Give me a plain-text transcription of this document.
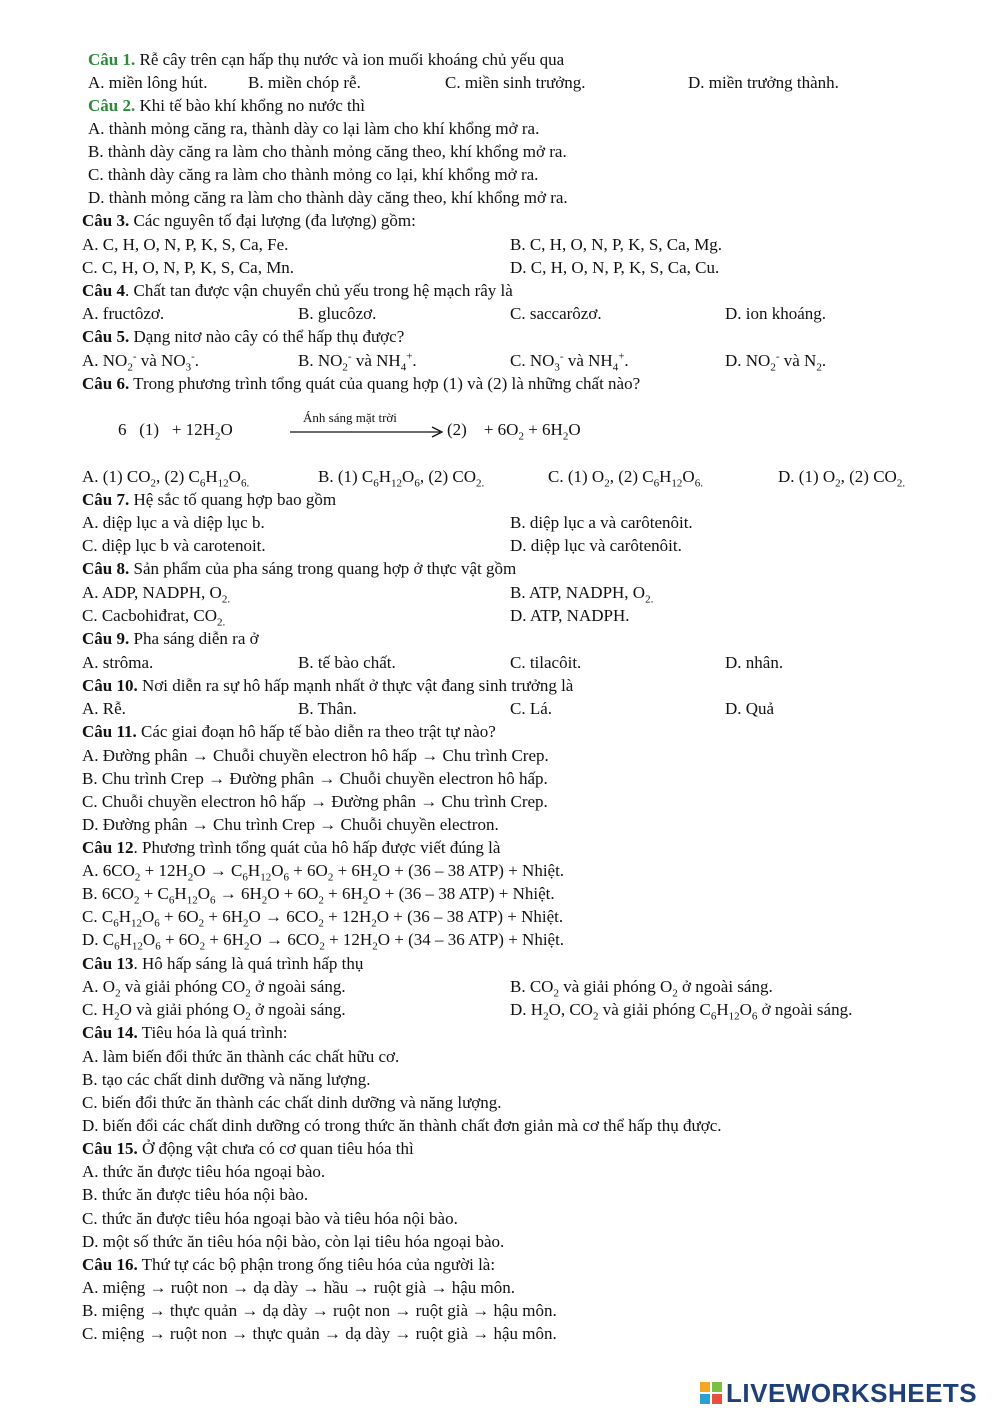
Câu 1. Rễ cây trên cạn hấp thụ nước và ion muối khoáng chủ yếu qua
A. miền lông hút. B. miền chóp rễ.	C. miền sinh trưởng.	D. miền trưởng thành.
Câu 2. Khi tế bào khí khổng no nước thì
A. thành mỏng căng ra, thành dày co lại làm cho khí khổng mở ra.
B. thành dày căng ra làm cho thành mỏng căng theo, khí khổng mở ra.
C. thành dày căng ra làm cho thành mỏng co lại, khí khổng mở ra.
D. thành mỏng căng ra làm cho thành dày căng theo, khí khổng mở ra.
Câu 3. Các nguyên tố đại lượng (đa lượng) gồm:
A. C, H, O, N, P, K, S, Ca, Fe.	B. C, H, O, N, P, K, S, Ca, Mg.
C. C, H, O, N, P, K, S, Ca, Mn.	D. C, H, O, N, P, K, S, Ca, Cu.
Câu 4. Chất tan được vận chuyển chủ yếu trong hệ mạch rây là
A. fructôzơ.	B. glucôzơ.	C. saccarôzơ.	D. ion khoáng.
Câu 5. Dạng nitơ nào cây có thể hấp thụ được?
A. $NO_2^-$ và $NO_3^-$.	B. $NO_2^-$ và $NH_4^+$.	C. $NO_3^-$ và $NH_4^+$.	D. $NO_2^-$ và $N_2$.
Câu 6. Trong phương trình tổng quát của quang hợp (1) và (2) là những chất nào?
6   $(1) + 12H_2O$
Ánh sáng mặt trời
(2)    + $6O_2 + 6H_2O$
A. (1) $CO_2$, (2) $C_6H_{12}O_{6.}$	B. (1) $C_6H_{12}O_6$, (2) $CO_{2.}$	C. (1) $O_2$, (2) $C_6H_{12}O_{6.}$	D. (1) $O_2$, (2) $CO_{2.}$
Câu 7. Hệ sắc tố quang hợp bao gồm
A. diệp lục a và diệp lục b.	B. diệp lục a và carôtenôit.
C. diệp lục b và carotenoit.	D. diệp lục và carôtenôit.
Câu 8. Sản phẩm của pha sáng trong quang hợp ở thực vật gồm
A. ADP, NADPH, $O_{2.}$	B. ATP, NADPH, $O_{2.}$
C. Cacbohiđrat, $CO_{2.}$	D. ATP, NADPH.
Câu 9. Pha sáng diễn ra ở
A. strôma.	B. tế bào chất.	C. tilacôit.	D. nhân.
Câu 10. Nơi diễn ra sự hô hấp mạnh nhất ở thực vật đang sinh trưởng là
A. Rễ.	B. Thân.	C. Lá.	D. Quả
Câu 11. Các giai đoạn hô hấp tế bào diễn ra theo trật tự nào?
A. Đường phân → Chuỗi chuyền electron hô hấp → Chu trình Crep.
B. Chu trình Crep → Đường phân → Chuỗi chuyền electron hô hấp.
C. Chuỗi chuyền electron hô hấp → Đường phân → Chu trình Crep.
D. Đường phân → Chu trình Crep → Chuỗi chuyền electron.
Câu 12. Phương trình tổng quát của hô hấp được viết đúng là
A. $6CO_2 + 12H_2O \to C_6H_{12}O_6 + 6O_2 + 6H_2O + (36 - 38$ ATP) + Nhiệt.
B. $6CO_2 + C_6H_{12}O_6 \to 6H_2O + 6O_2 + 6H_2O + (36 - 38$ ATP) + Nhiệt.
C. $C_6H_{12}O_6 + 6O_2 + 6H_2O \to 6CO_2 + 12H_2O + (36 - 38$ ATP) + Nhiệt.
D. $C_6H_{12}O_6 + 6O_2 + 6H_2O \to 6CO_2 + 12H_2O + (34 - 36$ ATP) + Nhiệt.
Câu 13. Hô hấp sáng là quá trình hấp thụ
A. $O_2$ và giải phóng $CO_2$ ở ngoài sáng.	B. $CO_2$ và giải phóng $O_2$ ở ngoài sáng.
C. $H_2O$ và giải phóng $O_2$ ở ngoài sáng.	D. $H_2O$, $CO_2$ và giải phóng $C_6H_{12}O_6$ ở ngoài sáng.
Câu 14. Tiêu hóa là quá trình:
A. làm biến đổi thức ăn thành các chất hữu cơ.
B. tạo các chất dinh dưỡng và năng lượng.
C. biến đổi thức ăn thành các chất dinh dưỡng và năng lượng.
D. biến đổi các chất dinh dưỡng có trong thức ăn thành chất đơn giản mà cơ thể hấp thụ được.
Câu 15. Ở động vật chưa có cơ quan tiêu hóa thì
A. thức ăn được tiêu hóa ngoại bào.
B. thức ăn được tiêu hóa nội bào.
C. thức ăn được tiêu hóa ngoại bào và tiêu hóa nội bào.
D. một số thức ăn tiêu hóa nội bào, còn lại tiêu hóa ngoại bào.
Câu 16. Thứ tự các bộ phận trong ống tiêu hóa của người là:
A. miệng → ruột non → dạ dày → hầu → ruột già → hậu môn.
B. miệng → thực quản → dạ dày → ruột non → ruột già → hậu môn.
C. miệng → ruột non → thực quản → dạ dày → ruột già → hậu môn.
LIVEWORKSHEETS
